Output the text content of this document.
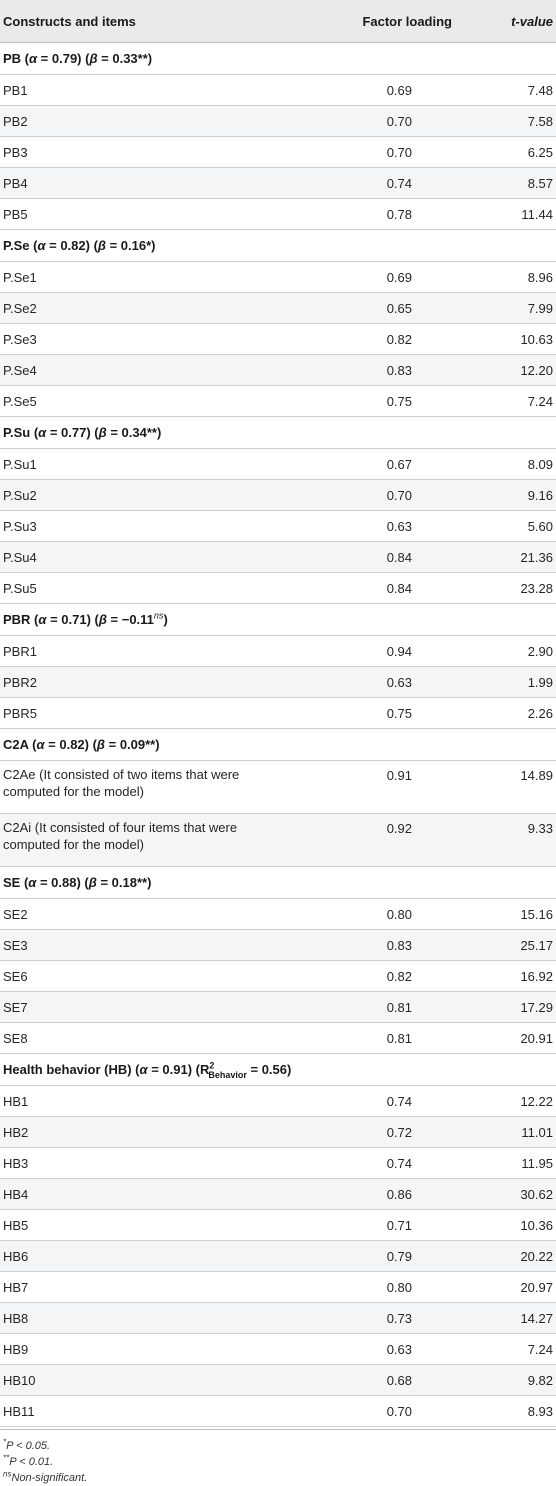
Constructs and items	Factor loading	t-value
PB (α = 0.79) (β = 0.33**)		
PB1	0.69	7.48
PB2	0.70	7.58
PB3	0.70	6.25
PB4	0.74	8.57
PB5	0.78	11.44
P.Se (α = 0.82) (β = 0.16*)		
P.Se1	0.69	8.96
P.Se2	0.65	7.99
P.Se3	0.82	10.63
P.Se4	0.83	12.20
P.Se5	0.75	7.24
P.Su (α = 0.77) (β = 0.34**)		
P.Su1	0.67	8.09
P.Su2	0.70	9.16
P.Su3	0.63	5.60
P.Su4	0.84	21.36
P.Su5	0.84	23.28
PBR (α = 0.71) $(\beta = -0.11^{ns})$		
PBR1	0.94	2.90
PBR2	0.63	1.99
PBR5	0.75	2.26
C2A (α = 0.82) (β = 0.09**)		
C2Ae (It consisted of two items that were computed for the model)	0.91	14.89
C2Ai (It consisted of four items that were computed for the model)	0.92	9.33
SE (α = 0.88) (β = 0.18**)		
SE2	0.80	15.16
SE3	0.83	25.17
SE6	0.82	16.92
SE7	0.81	17.29
SE8	0.81	20.91
Health behavior (HB) (α = 0.91) $(R^2_{Behavior} = 0.56)$		
HB1	0.74	12.22
HB2	0.72	11.01
HB3	0.74	11.95
HB4	0.86	30.62
HB5	0.71	10.36
HB6	0.79	20.22
HB7	0.80	20.97
HB8	0.73	14.27
HB9	0.63	7.24
HB10	0.68	9.82
HB11	0.70	8.93
*P < 0.05.
**P < 0.01.
$^{ns}$Non-significant.
